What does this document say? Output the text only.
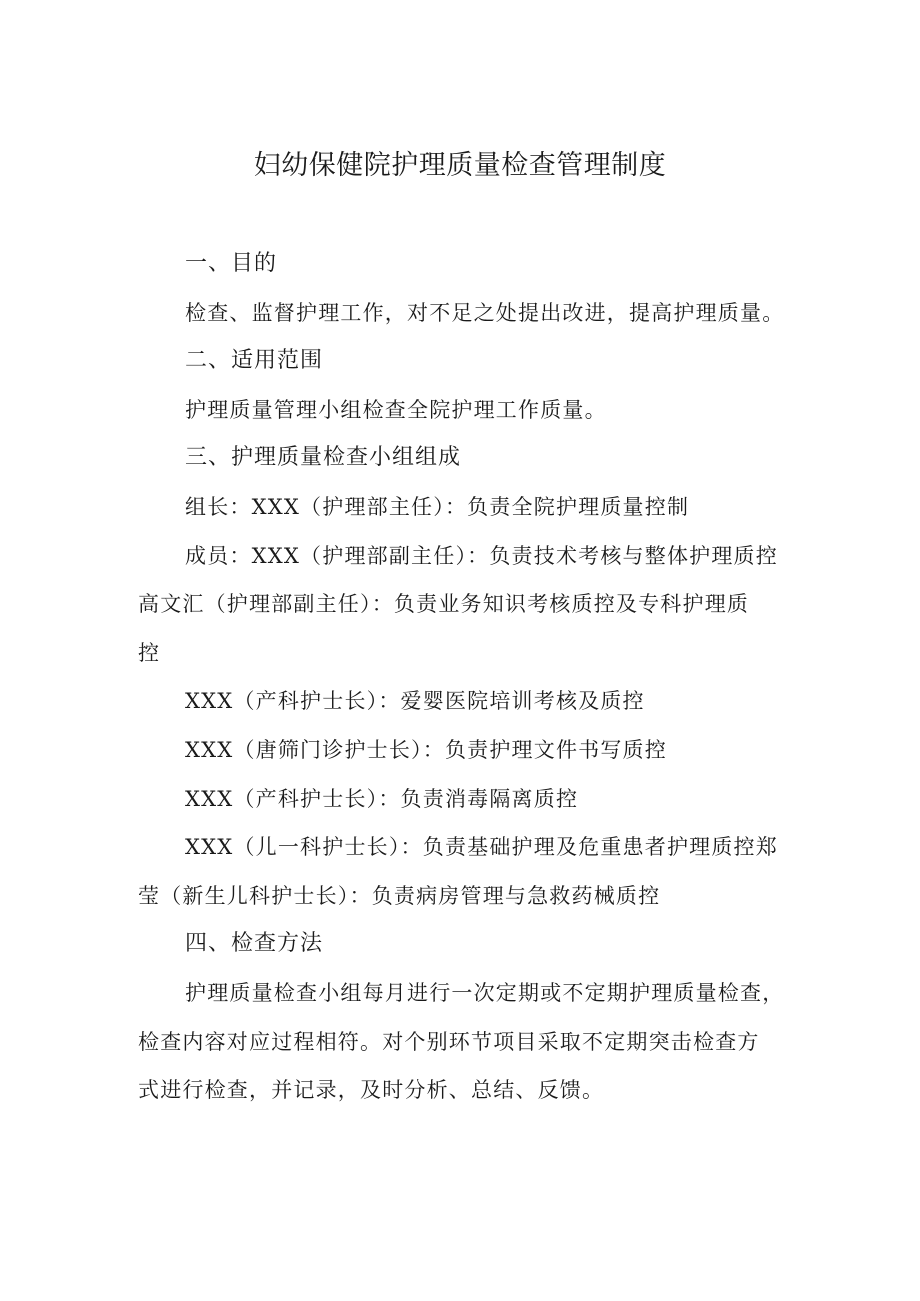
妇幼保健院护理质量检查管理制度
一、目的
检查、监督护理工作，对不足之处提出改进，提高护理质量。
二、适用范围
护理质量管理小组检查全院护理工作质量。
三、护理质量检查小组组成
组长：XXX（护理部主任）：负责全院护理质量控制
成员：XXX（护理部副主任）：负责技术考核与整体护理质控
高文汇（护理部副主任）：负责业务知识考核质控及专科护理质
控
XXX（产科护士长）：爱婴医院培训考核及质控
XXX（唐筛门诊护士长）：负责护理文件书写质控
XXX（产科护士长）：负责消毒隔离质控
XXX（儿一科护士长）：负责基础护理及危重患者护理质控郑
莹（新生儿科护士长）：负责病房管理与急救药械质控
四、检查方法
护理质量检查小组每月进行一次定期或不定期护理质量检查，
检查内容对应过程相符。对个别环节项目采取不定期突击检查方
式进行检查，并记录，及时分析、总结、反馈。
